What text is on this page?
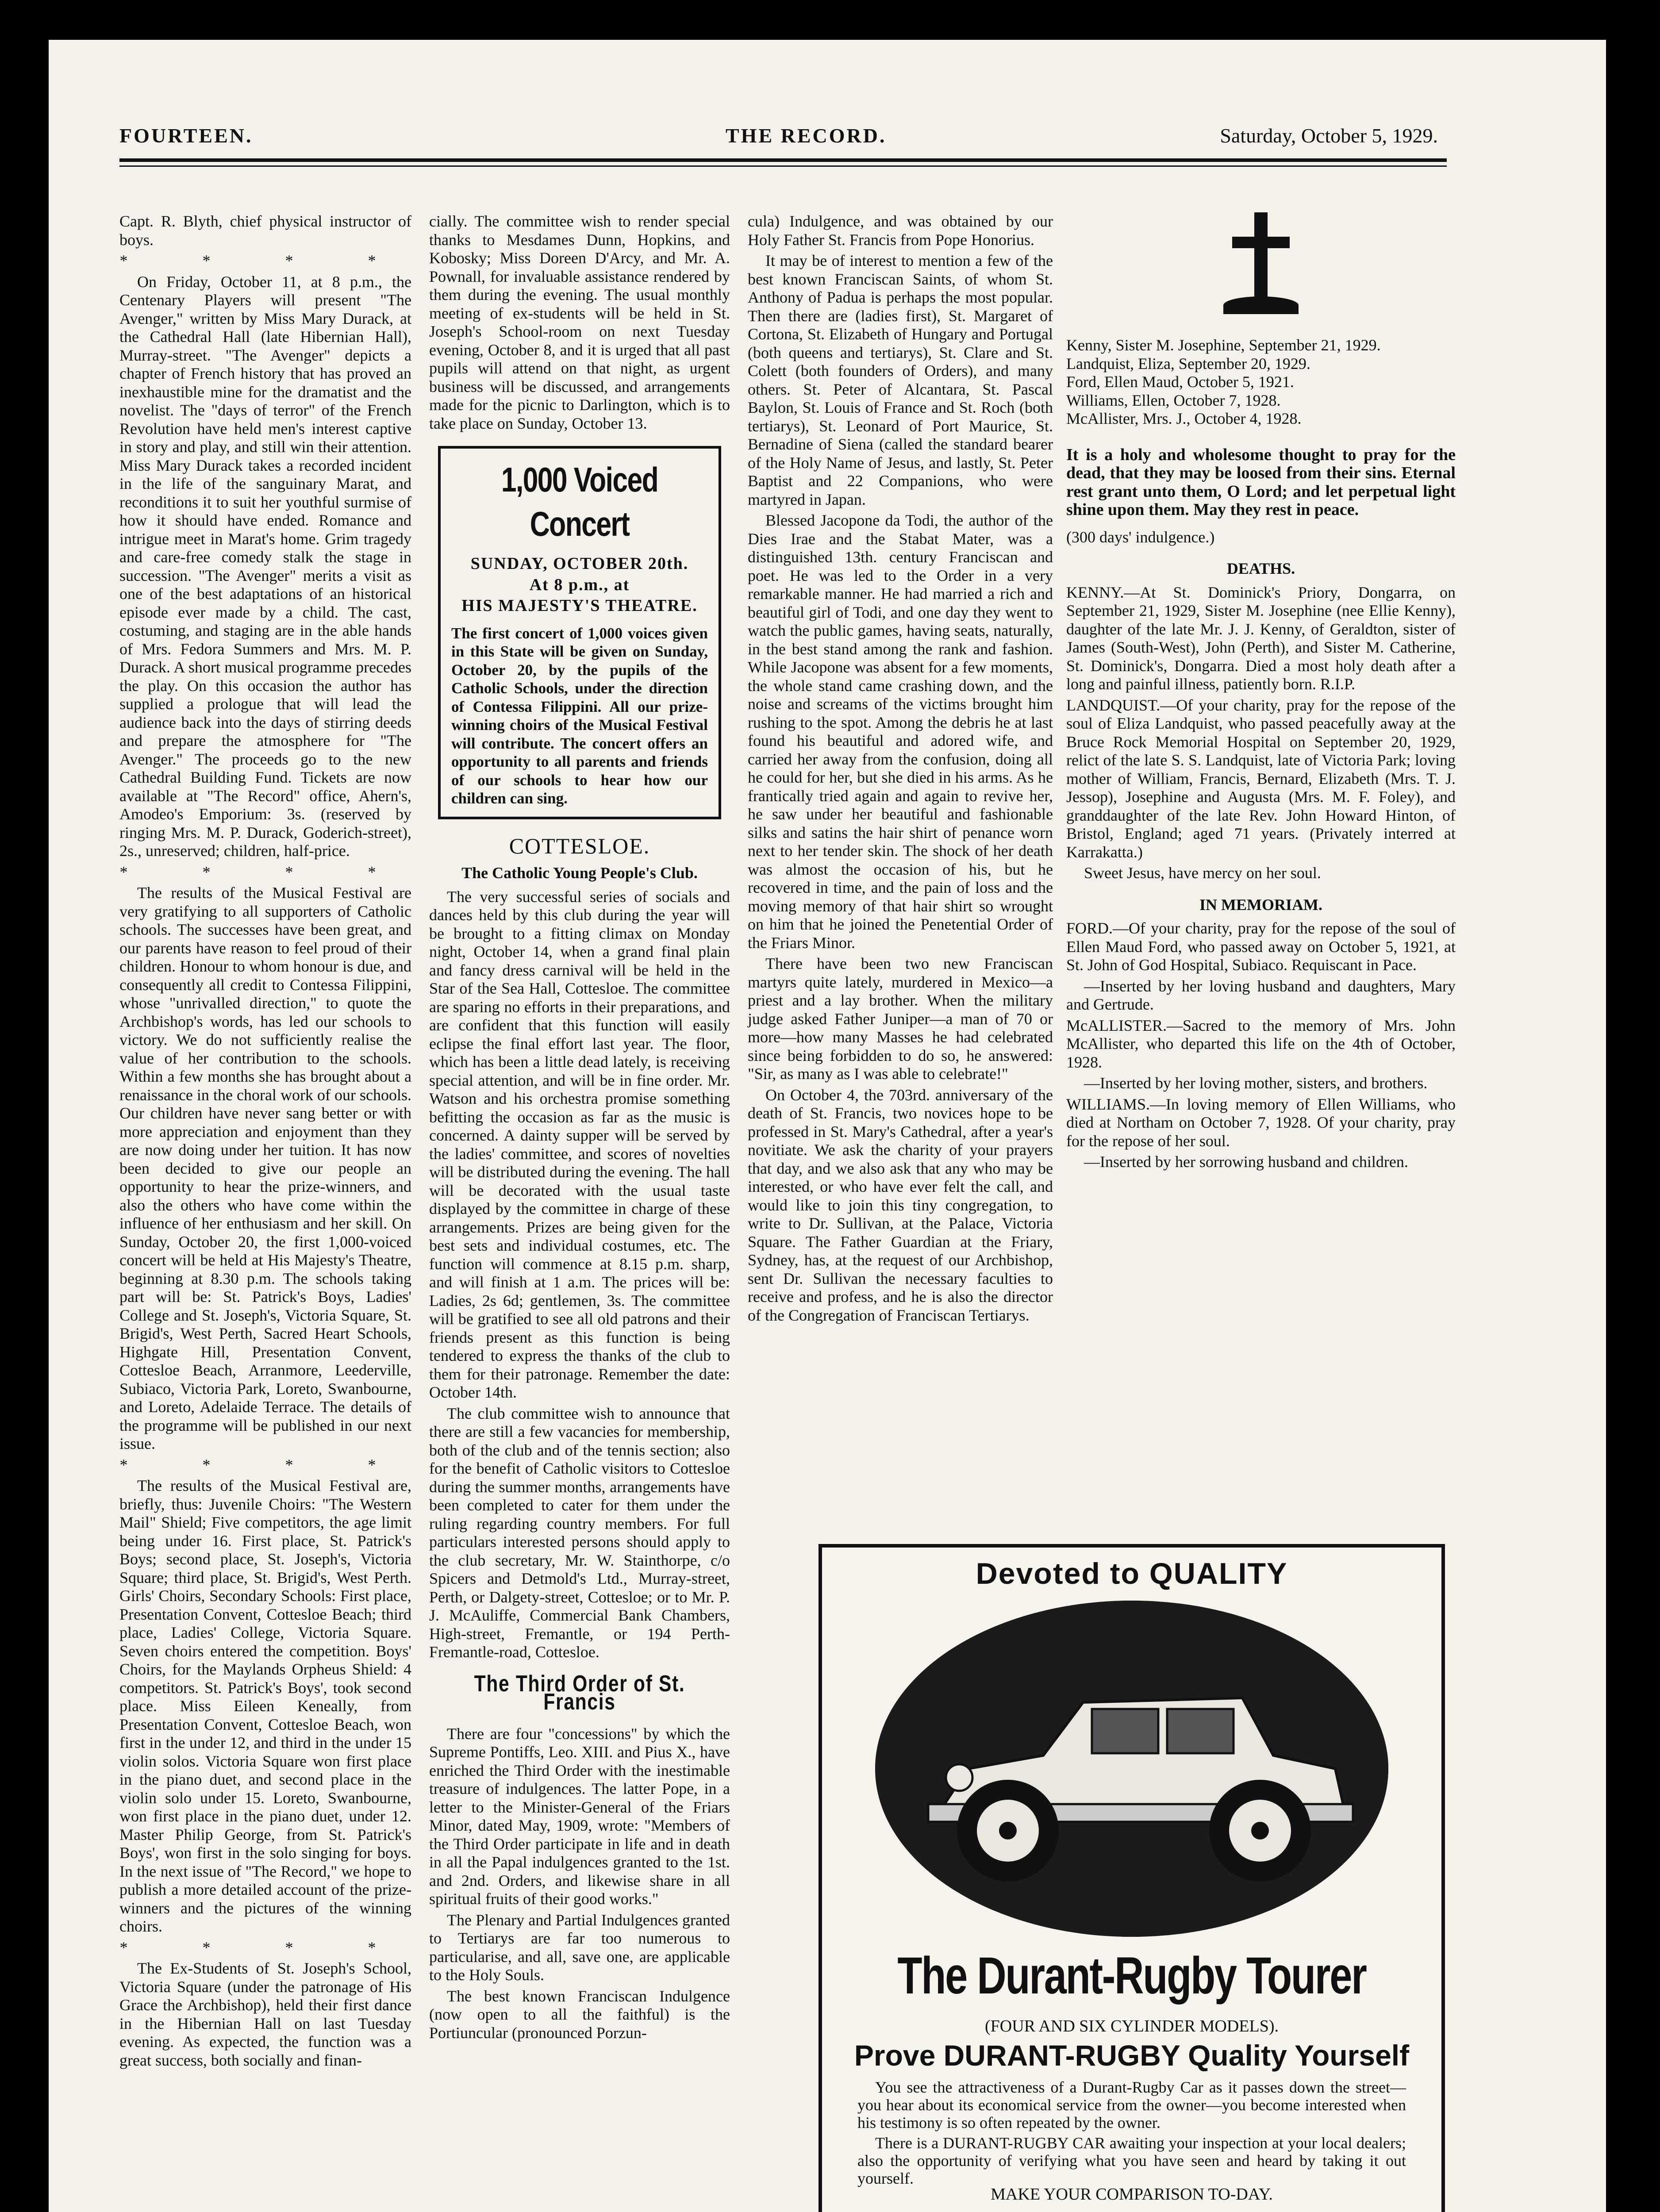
FOURTEEN.	THE RECORD.	Saturday, October 5, 1929.

Capt. R. Blyth, chief physical instructor of boys.

* * * *

On Friday, October 11, at 8 p.m., the Centenary Players will present "The Avenger," written by Miss Mary Durack, at the Cathedral Hall (late Hibernian Hall), Murray-street. "The Avenger" depicts a chapter of French history that has proved an inexhaustible mine for the dramatist and the novelist. The "days of terror" of the French Revolution have held men's interest captive in story and play, and still win their attention. Miss Mary Durack takes a recorded incident in the life of the sanguinary Marat, and reconditions it to suit her youthful surmise of how it should have ended. Romance and intrigue meet in Marat's home. Grim tragedy and care-free comedy stalk the stage in succession. "The Avenger" merits a visit as one of the best adaptations of an historical episode ever made by a child. The cast, costuming, and staging are in the able hands of Mrs. Fedora Summers and Mrs. M. P. Durack. A short musical programme precedes the play. On this occasion the author has supplied a prologue that will lead the audience back into the days of stirring deeds and prepare the atmosphere for "The Avenger." The proceeds go to the new Cathedral Building Fund. Tickets are now available at "The Record" office, Ahern's, Amodeo's Emporium: 3s. (reserved by ringing Mrs. M. P. Durack, Goderich-street), 2s., unreserved; children, half-price.

* * * *

The results of the Musical Festival are very gratifying to all supporters of Catholic schools. The successes have been great, and our parents have reason to feel proud of their children. Honour to whom honour is due, and consequently all credit to Contessa Filippini, whose "unrivalled direction," to quote the Archbishop's words, has led our schools to victory. We do not sufficiently realise the value of her contribution to the schools. Within a few months she has brought about a renaissance in the choral work of our schools. Our children have never sang better or with more appreciation and enjoyment than they are now doing under her tuition. It has now been decided to give our people an opportunity to hear the prize-winners, and also the others who have come within the influence of her enthusiasm and her skill. On Sunday, October 20, the first 1,000-voiced concert will be held at His Majesty's Theatre, beginning at 8.30 p.m. The schools taking part will be: St. Patrick's Boys, Ladies' College and St. Joseph's, Victoria Square, St. Brigid's, West Perth, Sacred Heart Schools, Highgate Hill, Presentation Convent, Cottesloe Beach, Arranmore, Leederville, Subiaco, Victoria Park, Loreto, Swanbourne, and Loreto, Adelaide Terrace. The details of the programme will be published in our next issue.

* * * *

The results of the Musical Festival are, briefly, thus: Juvenile Choirs: "The Western Mail" Shield; Five competitors, the age limit being under 16. First place, St. Patrick's Boys; second place, St. Joseph's, Victoria Square; third place, St. Brigid's, West Perth. Girls' Choirs, Secondary Schools: First place, Presentation Convent, Cottesloe Beach; third place, Ladies' College, Victoria Square. Seven choirs entered the competition. Boys' Choirs, for the Maylands Orpheus Shield: 4 competitors. St. Patrick's Boys', took second place. Miss Eileen Keneally, from Presentation Convent, Cottesloe Beach, won first in the under 12, and third in the under 15 violin solos. Victoria Square won first place in the piano duet, and second place in the violin solo under 15. Loreto, Swanbourne, won first place in the piano duet, under 12. Master Philip George, from St. Patrick's Boys', won first in the solo singing for boys. In the next issue of "The Record," we hope to publish a more detailed account of the prize-winners and the pictures of the winning choirs.

* * * *

The Ex-Students of St. Joseph's School, Victoria Square (under the patronage of His Grace the Archbishop), held their first dance in the Hibernian Hall on last Tuesday evening. As expected, the function was a great success, both socially and finan-

cially. The committee wish to render special thanks to Mesdames Dunn, Hopkins, and Kobosky; Miss Doreen D'Arcy, and Mr. A. Pownall, for invaluable assistance rendered by them during the evening. The usual monthly meeting of ex-students will be held in St. Joseph's School-room on next Tuesday evening, October 8, and it is urged that all past pupils will attend on that night, as urgent business will be discussed, and arrangements made for the picnic to Darlington, which is to take place on Sunday, October 13.

1,000 Voiced Concert
SUNDAY, OCTOBER 20th.
At 8 p.m., at
HIS MAJESTY'S THEATRE.
The first concert of 1,000 voices given in this State will be given on Sunday, October 20, by the pupils of the Catholic Schools, under the direction of Contessa Filippini. All our prize-winning choirs of the Musical Festival will contribute. The concert offers an opportunity to all parents and friends of our schools to hear how our children can sing.
COTTESLOE.
The Catholic Young People's Club.

The very successful series of socials and dances held by this club during the year will be brought to a fitting climax on Monday night, October 14, when a grand final plain and fancy dress carnival will be held in the Star of the Sea Hall, Cottesloe. The committee are sparing no efforts in their preparations, and are confident that this function will easily eclipse the final effort last year. The floor, which has been a little dead lately, is receiving special attention, and will be in fine order. Mr. Watson and his orchestra promise something befitting the occasion as far as the music is concerned. A dainty supper will be served by the ladies' committee, and scores of novelties will be distributed during the evening. The hall will be decorated with the usual taste displayed by the committee in charge of these arrangements. Prizes are being given for the best sets and individual costumes, etc. The function will commence at 8.15 p.m. sharp, and will finish at 1 a.m. The prices will be: Ladies, 2s 6d; gentlemen, 3s. The committee will be gratified to see all old patrons and their friends present as this function is being tendered to express the thanks of the club to them for their patronage. Remember the date: October 14th.

The club committee wish to announce that there are still a few vacancies for membership, both of the club and of the tennis section; also for the benefit of Catholic visitors to Cottesloe during the summer months, arrangements have been completed to cater for them under the ruling regarding country members. For full particulars interested persons should apply to the club secretary, Mr. W. Stainthorpe, c/o Spicers and Detmold's Ltd., Murray-street, Perth, or Dalgety-street, Cottesloe; or to Mr. P. J. McAuliffe, Commercial Bank Chambers, High-street, Fremantle, or 194 Perth-Fremantle-road, Cottesloe.

The Third Order of St. Francis

There are four "concessions" by which the Supreme Pontiffs, Leo. XIII. and Pius X., have enriched the Third Order with the inestimable treasure of indulgences. The latter Pope, in a letter to the Minister-General of the Friars Minor, dated May, 1909, wrote: "Members of the Third Order participate in life and in death in all the Papal indulgences granted to the 1st. and 2nd. Orders, and likewise share in all spiritual fruits of their good works."

The Plenary and Partial Indulgences granted to Tertiarys are far too numerous to particularise, and all, save one, are applicable to the Holy Souls.

The best known Franciscan Indulgence (now open to all the faithful) is the Portiuncular (pronounced Porzun-

cula) Indulgence, and was obtained by our Holy Father St. Francis from Pope Honorius.

It may be of interest to mention a few of the best known Franciscan Saints, of whom St. Anthony of Padua is perhaps the most popular. Then there are (ladies first), St. Margaret of Cortona, St. Elizabeth of Hungary and Portugal (both queens and tertiarys), St. Clare and St. Colett (both founders of Orders), and many others. St. Peter of Alcantara, St. Pascal Baylon, St. Louis of France and St. Roch (both tertiarys), St. Leonard of Port Maurice, St. Bernadine of Siena (called the standard bearer of the Holy Name of Jesus, and lastly, St. Peter Baptist and 22 Companions, who were martyred in Japan.

Blessed Jacopone da Todi, the author of the Dies Irae and the Stabat Mater, was a distinguished 13th. century Franciscan and poet. He was led to the Order in a very remarkable manner. He had married a rich and beautiful girl of Todi, and one day they went to watch the public games, having seats, naturally, in the best stand among the rank and fashion. While Jacopone was absent for a few moments, the whole stand came crashing down, and the noise and screams of the victims brought him rushing to the spot. Among the debris he at last found his beautiful and adored wife, and carried her away from the confusion, doing all he could for her, but she died in his arms. As he frantically tried again and again to revive her, he saw under her beautiful and fashionable silks and satins the hair shirt of penance worn next to her tender skin. The shock of her death was almost the occasion of his, but he recovered in time, and the pain of loss and the moving memory of that hair shirt so wrought on him that he joined the Penetential Order of the Friars Minor.

There have been two new Franciscan martyrs quite lately, murdered in Mexico—a priest and a lay brother. When the military judge asked Father Juniper—a man of 70 or more—how many Masses he had celebrated since being forbidden to do so, he answered: "Sir, as many as I was able to celebrate!"

On October 4, the 703rd. anniversary of the death of St. Francis, two novices hope to be professed in St. Mary's Cathedral, after a year's novitiate. We ask the charity of your prayers that day, and we also ask that any who may be interested, or who have ever felt the call, and would like to join this tiny congregation, to write to Dr. Sullivan, at the Palace, Victoria Square. The Father Guardian at the Friary, Sydney, has, at the request of our Archbishop, sent Dr. Sullivan the necessary faculties to receive and profess, and he is also the director of the Congregation of Franciscan Tertiarys.

Kenny, Sister M. Josephine, September 21, 1929.

Landquist, Eliza, September 20, 1929.

Ford, Ellen Maud, October 5, 1921.

Williams, Ellen, October 7, 1928.

McAllister, Mrs. J., October 4, 1928.

It is a holy and wholesome thought to pray for the dead, that they may be loosed from their sins. Eternal rest grant unto them, O Lord; and let perpetual light shine upon them. May they rest in peace.

(300 days' indulgence.)

DEATHS.

KENNY.—At St. Dominick's Priory, Dongarra, on September 21, 1929, Sister M. Josephine (nee Ellie Kenny), daughter of the late Mr. J. J. Kenny, of Geraldton, sister of James (South-West), John (Perth), and Sister M. Catherine, St. Dominick's, Dongarra. Died a most holy death after a long and painful illness, patiently born. R.I.P.

LANDQUIST.—Of your charity, pray for the repose of the soul of Eliza Landquist, who passed peacefully away at the Bruce Rock Memorial Hospital on September 20, 1929, relict of the late S. S. Landquist, late of Victoria Park; loving mother of William, Francis, Bernard, Elizabeth (Mrs. T. J. Jessop), Josephine and Augusta (Mrs. M. F. Foley), and granddaughter of the late Rev. John Howard Hinton, of Bristol, England; aged 71 years. (Privately interred at Karrakatta.)

Sweet Jesus, have mercy on her soul.

IN MEMORIAM.

FORD.—Of your charity, pray for the repose of the soul of Ellen Maud Ford, who passed away on October 5, 1921, at St. John of God Hospital, Subiaco. Requiscant in Pace.

—Inserted by her loving husband and daughters, Mary and Gertrude.

McALLISTER.—Sacred to the memory of Mrs. John McAllister, who departed this life on the 4th of October, 1928.

—Inserted by her loving mother, sisters, and brothers.

WILLIAMS.—In loving memory of Ellen Williams, who died at Northam on October 7, 1928. Of your charity, pray for the repose of her soul.

—Inserted by her sorrowing husband and children.

Devoted to QUALITY
The Durant-Rugby Tourer
(FOUR AND SIX CYLINDER MODELS).
Prove DURANT-RUGBY Quality Yourself

You see the attractiveness of a Durant-Rugby Car as it passes down the street—you hear about its economical service from the owner—you become interested when his testimony is so often repeated by the owner.

There is a DURANT-RUGBY CAR awaiting your inspection at your local dealers; also the opportunity of verifying what you have seen and heard by taking it out yourself.

MAKE YOUR COMPARISON TO-DAY.
